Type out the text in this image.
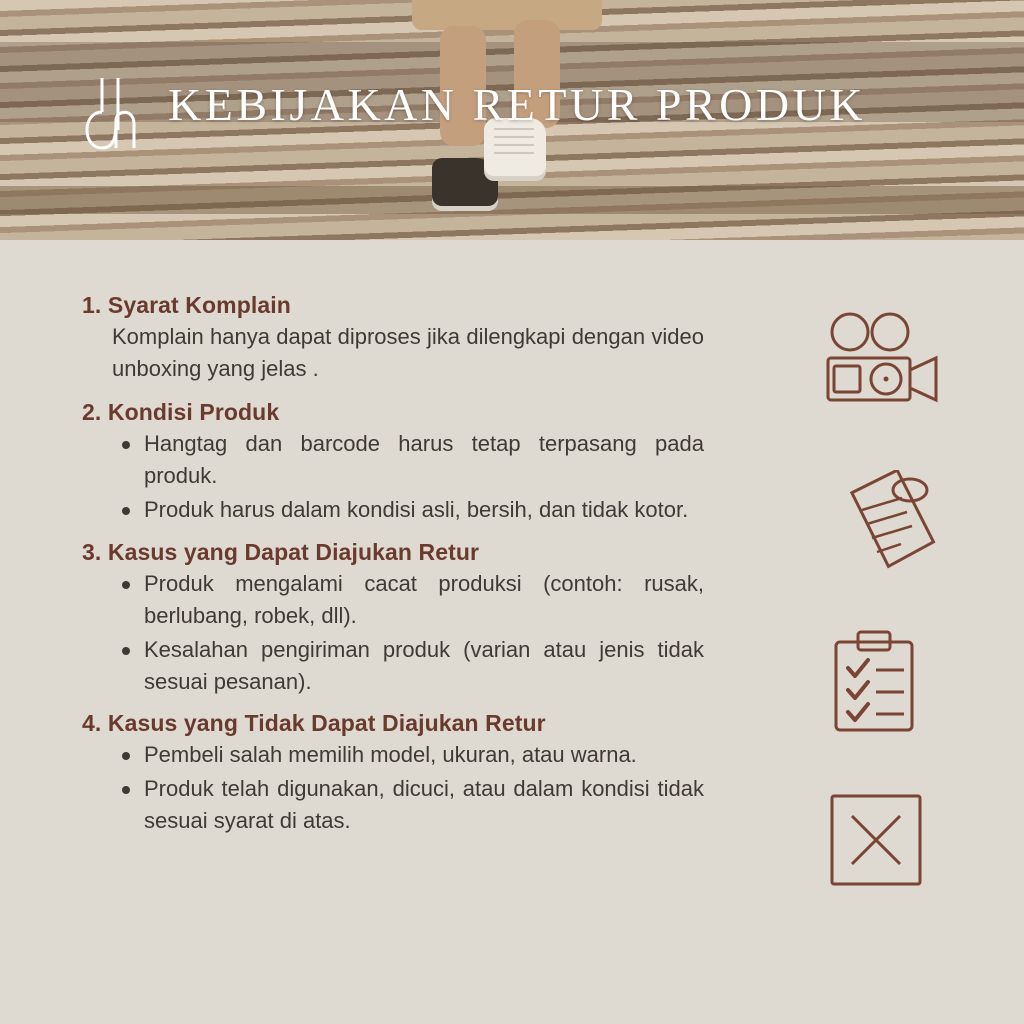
KEBIJAKAN RETUR PRODUK
1. Syarat Komplain

Komplain hanya dapat diproses jika dilengkapi dengan video unboxing yang jelas .

2. Kondisi Produk
Hangtag dan barcode harus tetap terpasang pada produk.
Produk harus dalam kondisi asli, bersih, dan tidak kotor.
3. Kasus yang Dapat Diajukan Retur
Produk mengalami cacat produksi (contoh: rusak, berlubang, robek, dll).
Kesalahan pengiriman produk (varian atau jenis tidak sesuai pesanan).
4. Kasus yang Tidak Dapat Diajukan Retur
Pembeli salah memilih model, ukuran, atau warna.
Produk telah digunakan, dicuci, atau dalam kondisi tidak sesuai syarat di atas.
